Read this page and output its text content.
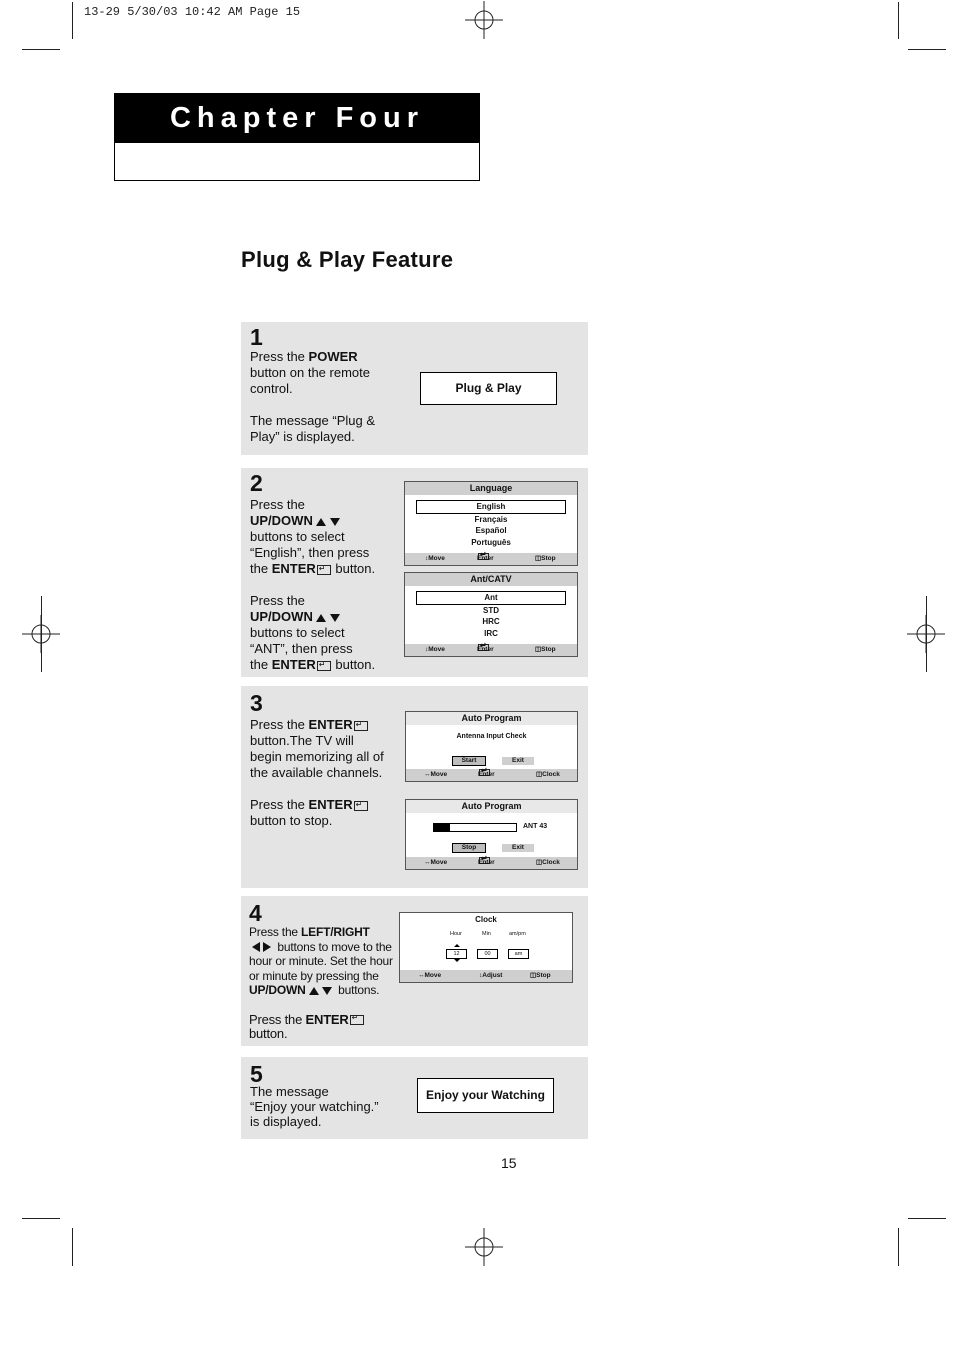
13-29 5/30/03 10:42 AM Page 15
Chapter Four
Plug & Play Feature
1
Press the POWER
button on the remote
control.

The message “Plug &
Play” is displayed.
Plug & Play
2
Press the
UP/DOWN
buttons to select
“English”, then press
the ENTER ↵ button.

Press the
UP/DOWN
buttons to select
“ANT”, then press
the ENTER ↵ button.
Language
English
Français
Español
Português
↕ Move ↵	Enter	◫ Stop
Ant/CATV
Ant
STD
HRC
IRC
↕ Move ↵	Enter	◫ Stop
3
Press the ENTER↵
button.The TV will
begin memorizing all of
the available channels.

Press the ENTER↵
button to stop.
Auto Program
Antenna Input Check
Start	Exit
↔ Move ↵	Enter	◫ Clock
Auto Program
ANT 43
Stop	Exit
↔ Move ↵	Enter	◫ Clock
4
Press the LEFT/RIGHT
buttons to move to the
hour or minute. Set the hour
or minute by pressing the
UP/DOWN	buttons.

Press the ENTER↵
button.
Clock
Hour	Min	am/pm
12	00	am
↔ Move	↕ Adjust	◫ Stop
5
The message
“Enjoy your watching.”
is displayed.
Enjoy your Watching
15
